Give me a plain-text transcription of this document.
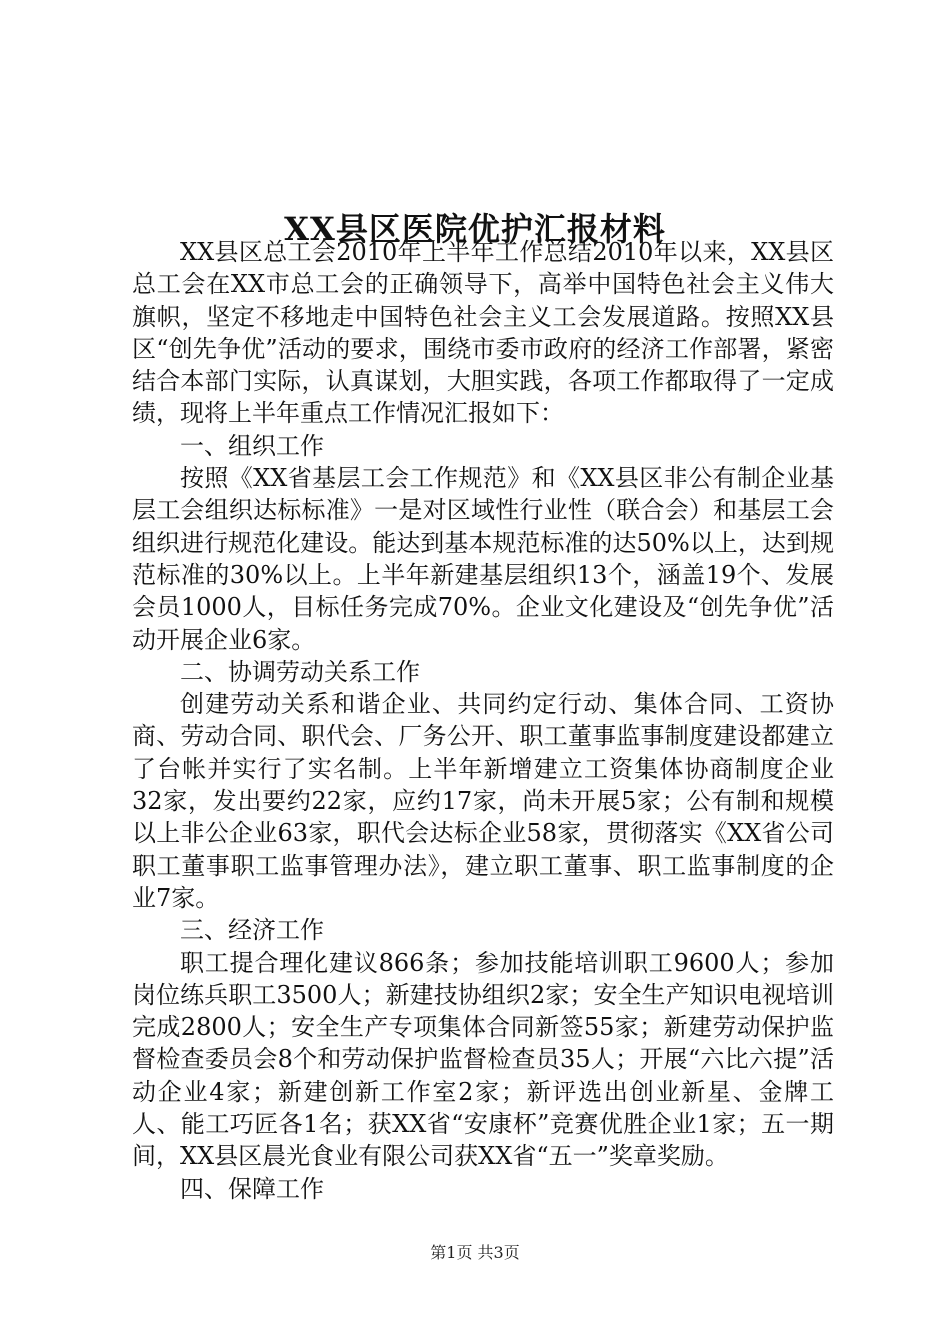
XX县区医院优护汇报材料

XX县区总工会2010年上半年工作总结2010年以来，XX县区总工会在XX市总工会的正确领导下，高举中国特色社会主义伟大旗帜，坚定不移地走中国特色社会主义工会发展道路。按照XX县区“创先争优”活动的要求，围绕市委市政府的经济工作部署，紧密结合本部门实际，认真谋划，大胆实践，各项工作都取得了一定成绩，现将上半年重点工作情况汇报如下：

一、组织工作

按照《XX省基层工会工作规范》和《XX县区非公有制企业基层工会组织达标标准》一是对区域性行业性（联合会）和基层工会组织进行规范化建设。能达到基本规范标准的达50%以上，达到规范标准的30%以上。上半年新建基层组织13个，涵盖19个、发展会员1000人，目标任务完成70%。企业文化建设及“创先争优”活动开展企业6家。

二、协调劳动关系工作

创建劳动关系和谐企业、共同约定行动、集体合同、工资协商、劳动合同、职代会、厂务公开、职工董事监事制度建设都建立了台帐并实行了实名制。上半年新增建立工资集体协商制度企业32家，发出要约22家，应约17家，尚未开展5家；公有制和规模以上非公企业63家，职代会达标企业58家，贯彻落实《XX省公司职工董事职工监事管理办法》，建立职工董事、职工监事制度的企业7家。

三、经济工作

职工提合理化建议866条；参加技能培训职工9600人；参加岗位练兵职工3500人；新建技协组织2家；安全生产知识电视培训完成2800人；安全生产专项集体合同新签55家；新建劳动保护监督检查委员会8个和劳动保护监督检查员35人；开展“六比六提”活动企业4家；新建创新工作室2家；新评选出创业新星、金牌工人、能工巧匠各1名；获XX省“安康杯”竞赛优胜企业1家；五一期间，XX县区晨光食业有限公司获XX省“五一”奖章奖励。

四、保障工作

第1页 共3页
